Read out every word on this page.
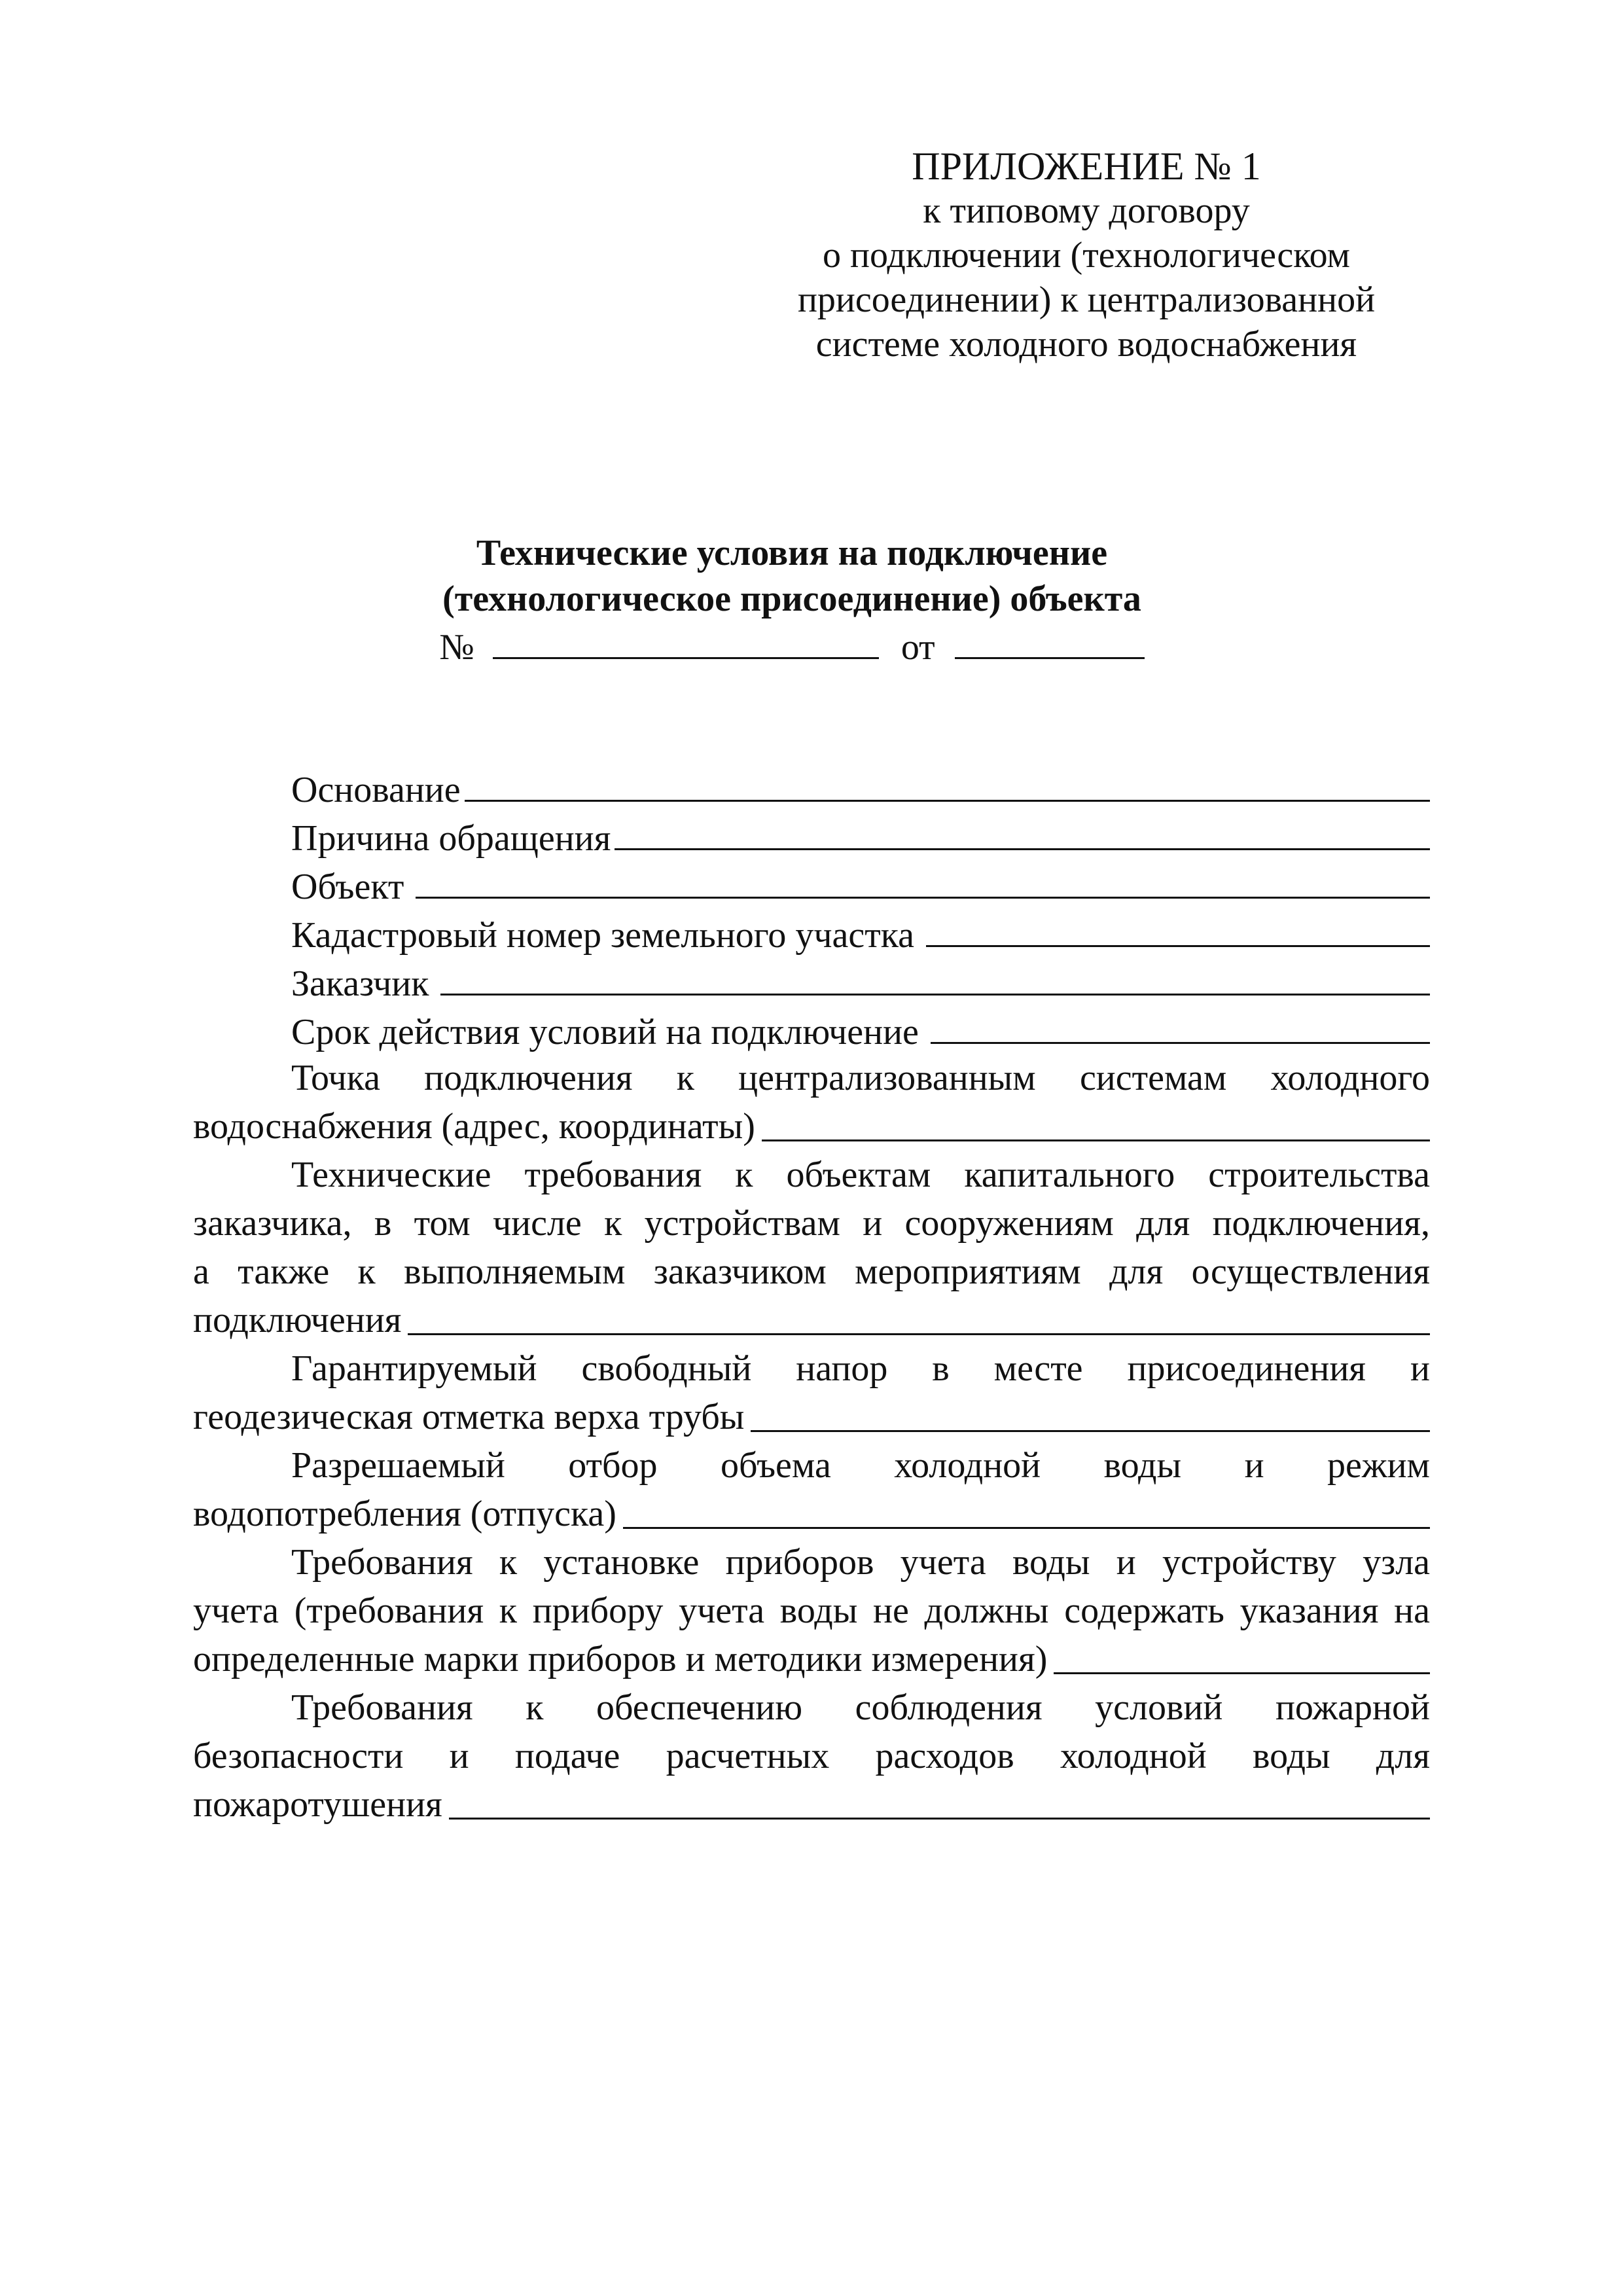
ПРИЛОЖЕНИЕ № 1
к типовому договору
о подключении (технологическом
присоединении) к централизованной
системе холодного водоснабжения
Технические условия на подключение
(технологическое присоединение) объекта
№	от
Основание
Причина обращения
Объект
Кадастровый номер земельного участка
Заказчик
Срок действия условий на подключение
Точка подключения к централизованным системам холодного
водоснабжения (адрес, координаты)
Технические требования к объектам капитального строительства
заказчика, в том числе к устройствам и сооружениям для подключения,
а также к выполняемым заказчиком мероприятиям для осуществления
подключения
Гарантируемый свободный напор в месте присоединения и
геодезическая отметка верха трубы
Разрешаемый отбор объема холодной воды и режим
водопотребления (отпуска)
Требования к установке приборов учета воды и устройству узла
учета (требования к прибору учета воды не должны содержать указания на
определенные марки приборов и методики измерения)
Требования к обеспечению соблюдения условий пожарной
безопасности и подаче расчетных расходов холодной воды для
пожаротушения
